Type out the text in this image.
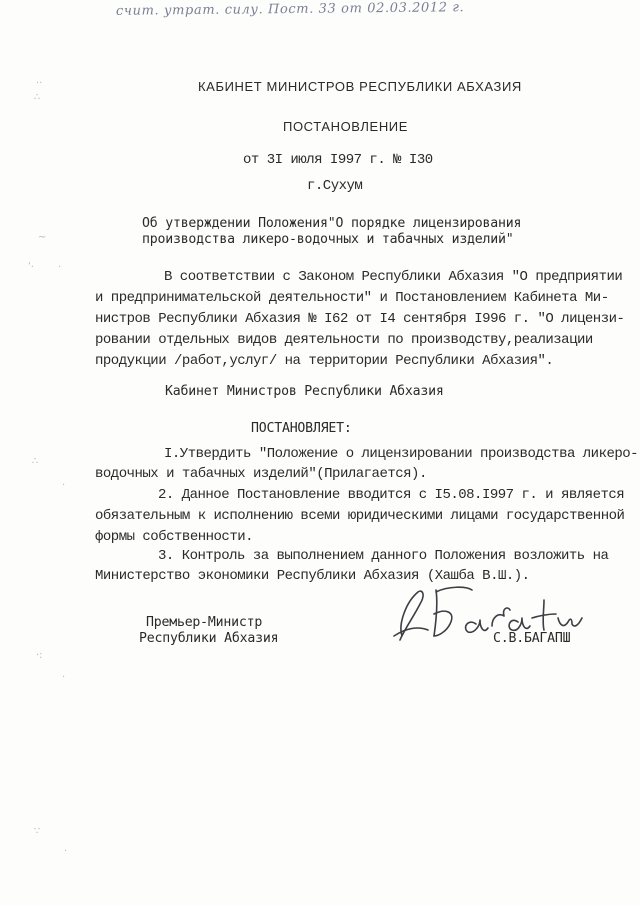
счит. утрат. силу. Пост. 33 от 02.03.2012 г.
··
∴
~
ʹ· ·
∴
·
·:
·
∵
·
КАБИНЕТ МИНИСТРОВ РЕСПУБЛИКИ АБХАЗИЯ
ПОСТАНОВЛЕНИЕ
от 3I июля I997 г. № I30
г.Сухум
Об утверждении Положения"О порядке лицензирования
производства ликеро-водочных и табачных изделий"
В соответствии с Законом Республики Абхазия "О предприятии
и предпринимательской деятельности" и Постановлением Кабинета Ми-
нистров Республики Абхазия № I62 от I4 сентября I996 г. "О лицензи-
ровании отдельных видов деятельности по производству,реализации
продукции /работ,услуг/ на территории Республики Абхазия".
Кабинет Министров Республики Абхазия
ПОСТАНОВЛЯЕТ:
I.Утвердить "Положение о лицензировании производства ликеро-
водочных и табачных изделий"(Прилагается).
2. Данное Постановление вводится с I5.08.I997 г. и является
обязательным к исполнению всеми юридическими лицами государственной
формы собственности.
3. Контроль за выполнением данного Положения возложить на
Министерство экономики Республики Абхазия (Хашба В.Ш.).
Премьер-Министр
Республики Абхазия	С.В.БАГАПШ
